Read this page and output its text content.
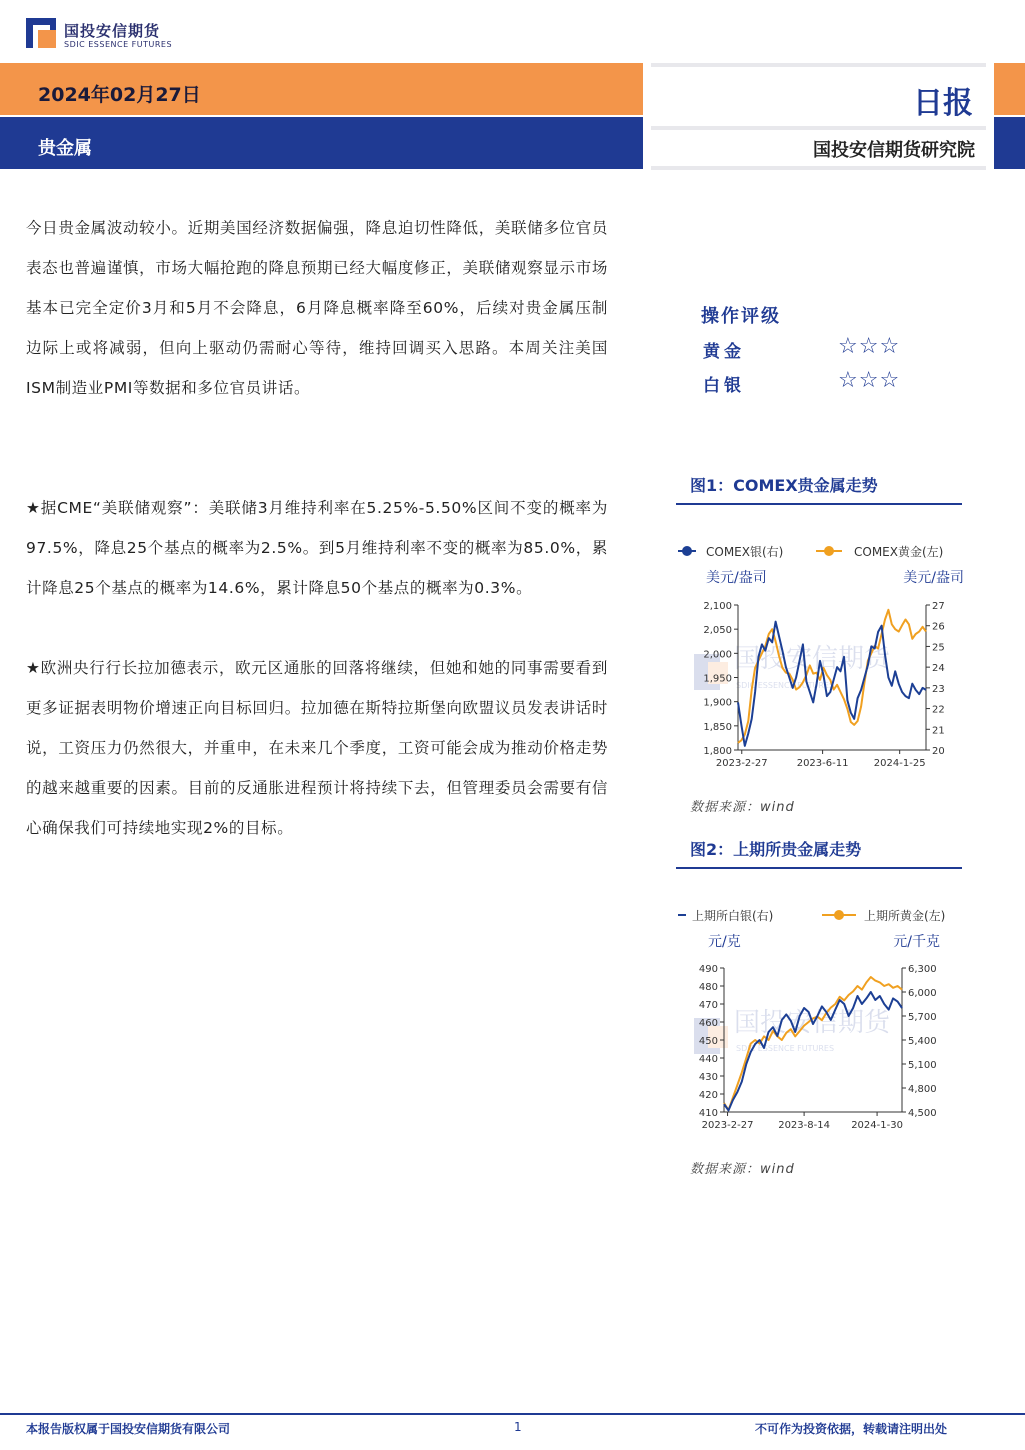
国投安信期货
SDIC ESSENCE FUTURES
2024年02月27日
贵金属
日报
国投安信期货研究院
今日贵金属波动较小。近期美国经济数据偏强，降息迫切性降低，美联储多位官员表态也普遍谨慎，市场大幅抢跑的降息预期已经大幅度修正，美联储观察显示市场基本已完全定价3月和5月不会降息，6月降息概率降至60%，后续对贵金属压制边际上或将减弱，但向上驱动仍需耐心等待，维持回调买入思路。本周关注美国ISM制造业PMI等数据和多位官员讲话。
★据CME“美联储观察”：美联储3月维持利率在5.25%-5.50%区间不变的概率为97.5%，降息25个基点的概率为2.5%。到5月维持利率不变的概率为85.0%，累计降息25个基点的概率为14.6%，累计降息50个基点的概率为0.3%。
★欧洲央行行长拉加德表示，欧元区通胀的回落将继续，但她和她的同事需要看到更多证据表明物价增速正向目标回归。拉加德在斯特拉斯堡向欧盟议员发表讲话时说，工资压力仍然很大，并重申，在未来几个季度，工资可能会成为推动价格走势的越来越重要的因素。目前的反通胀进程预计将持续下去，但管理委员会需要有信心确保我们可持续地实现2%的目标。
操作评级
黄金	☆☆☆
白银	☆☆☆
图1：COMEX贵金属走势
国投安信期货
SDIC ESSENCE FUTURES
COMEX银(右)	COMEX黄金(左)
美元/盎司	美元/盎司
2,100
2,050
2,000
1,950
1,900
1,850
1,800
27
26
25
24
23
22
21
20
2023-2-27	2023-6-11	2024-1-25
数据来源：wind
图2：上期所贵金属走势
国投安信期货
SDIC ESSENCE FUTURES
上期所白银(右)	上期所黄金(左)
元/克	元/千克
490
480
470
460
450
440
430
420
410
6,300
6,000
5,700
5,400
5,100
4,800
4,500
2023-2-27 2023-8-14 2024-1-30
数据来源：wind
本报告版权属于国投安信期货有限公司	1	不可作为投资依据，转载请注明出处
